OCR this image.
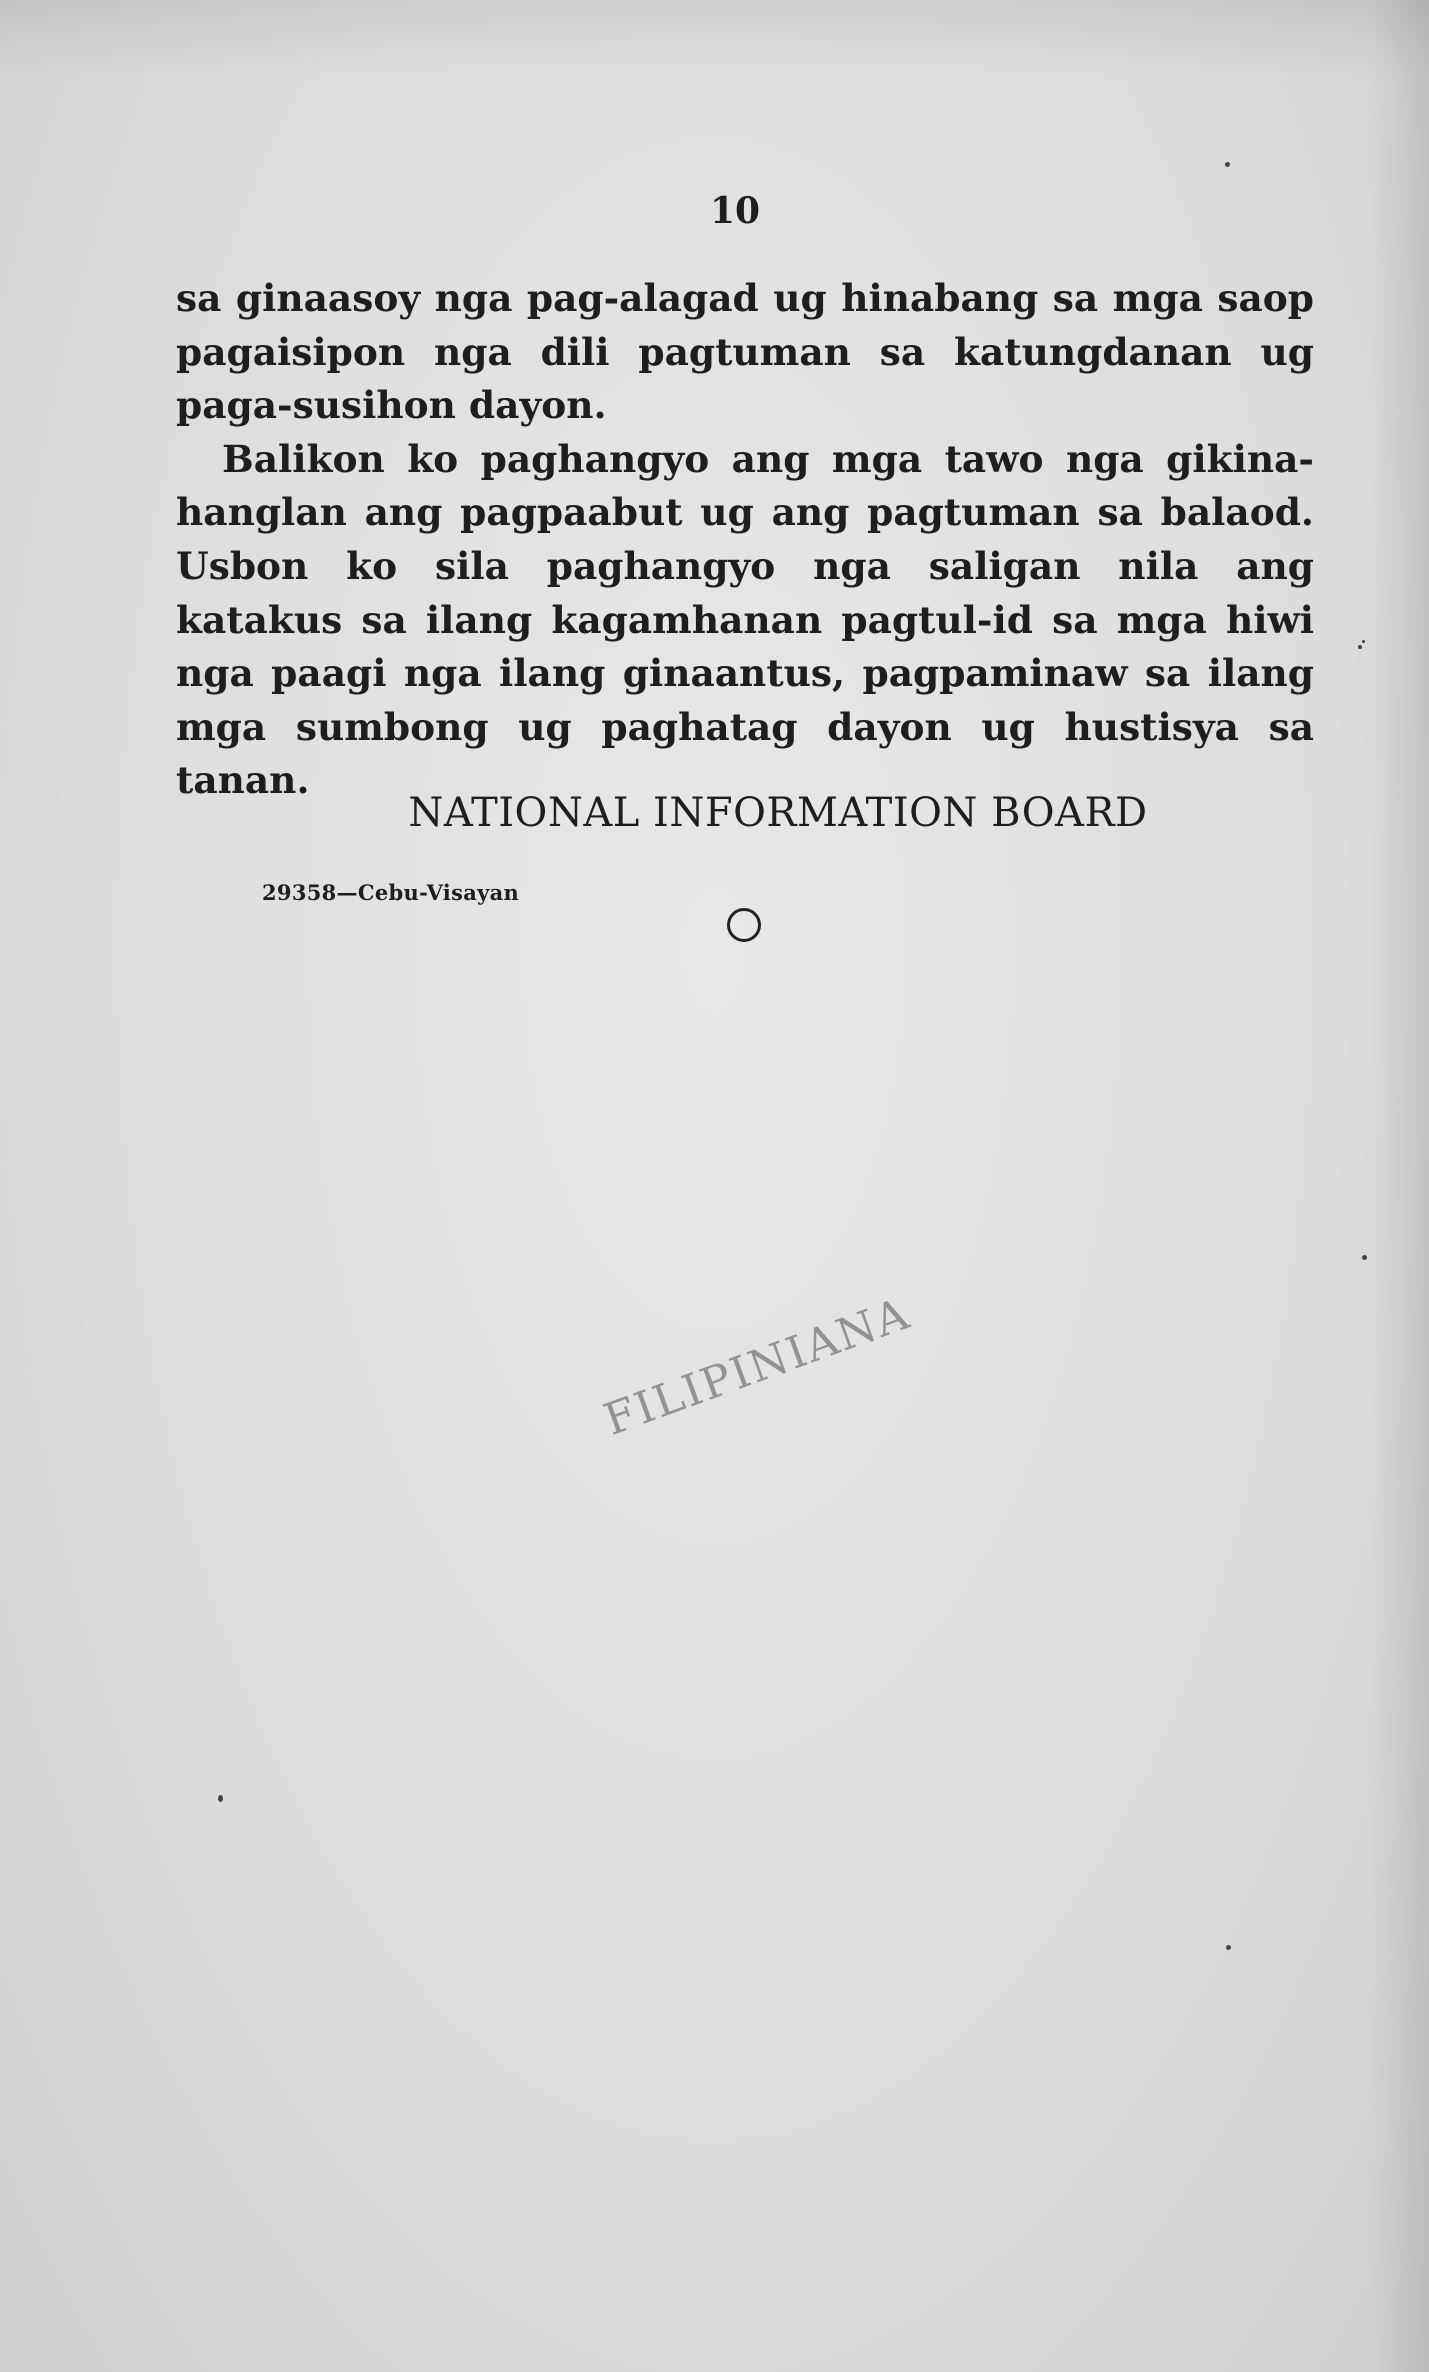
10

sa ginaasoy nga pag-alagad ug hinabang sa mga saop pagaisipon nga dili pagtuman sa katungdanan ug paga-susihon dayon.

Balikon ko paghangyo ang mga tawo nga gikina-hanglan ang pagpaabut ug ang pagtuman sa balaod. Usbon ko sila paghangyo nga saligan nila ang katakus sa ilang kagamhanan pagtul-id sa mga hiwi nga paagi nga ilang ginaantus, pagpaminaw sa ilang mga sumbong ug paghatag dayon ug hustisya sa tanan.

NATIONAL INFORMATION BOARD
29358—Cebu-Visayan
FILIPINIANA
